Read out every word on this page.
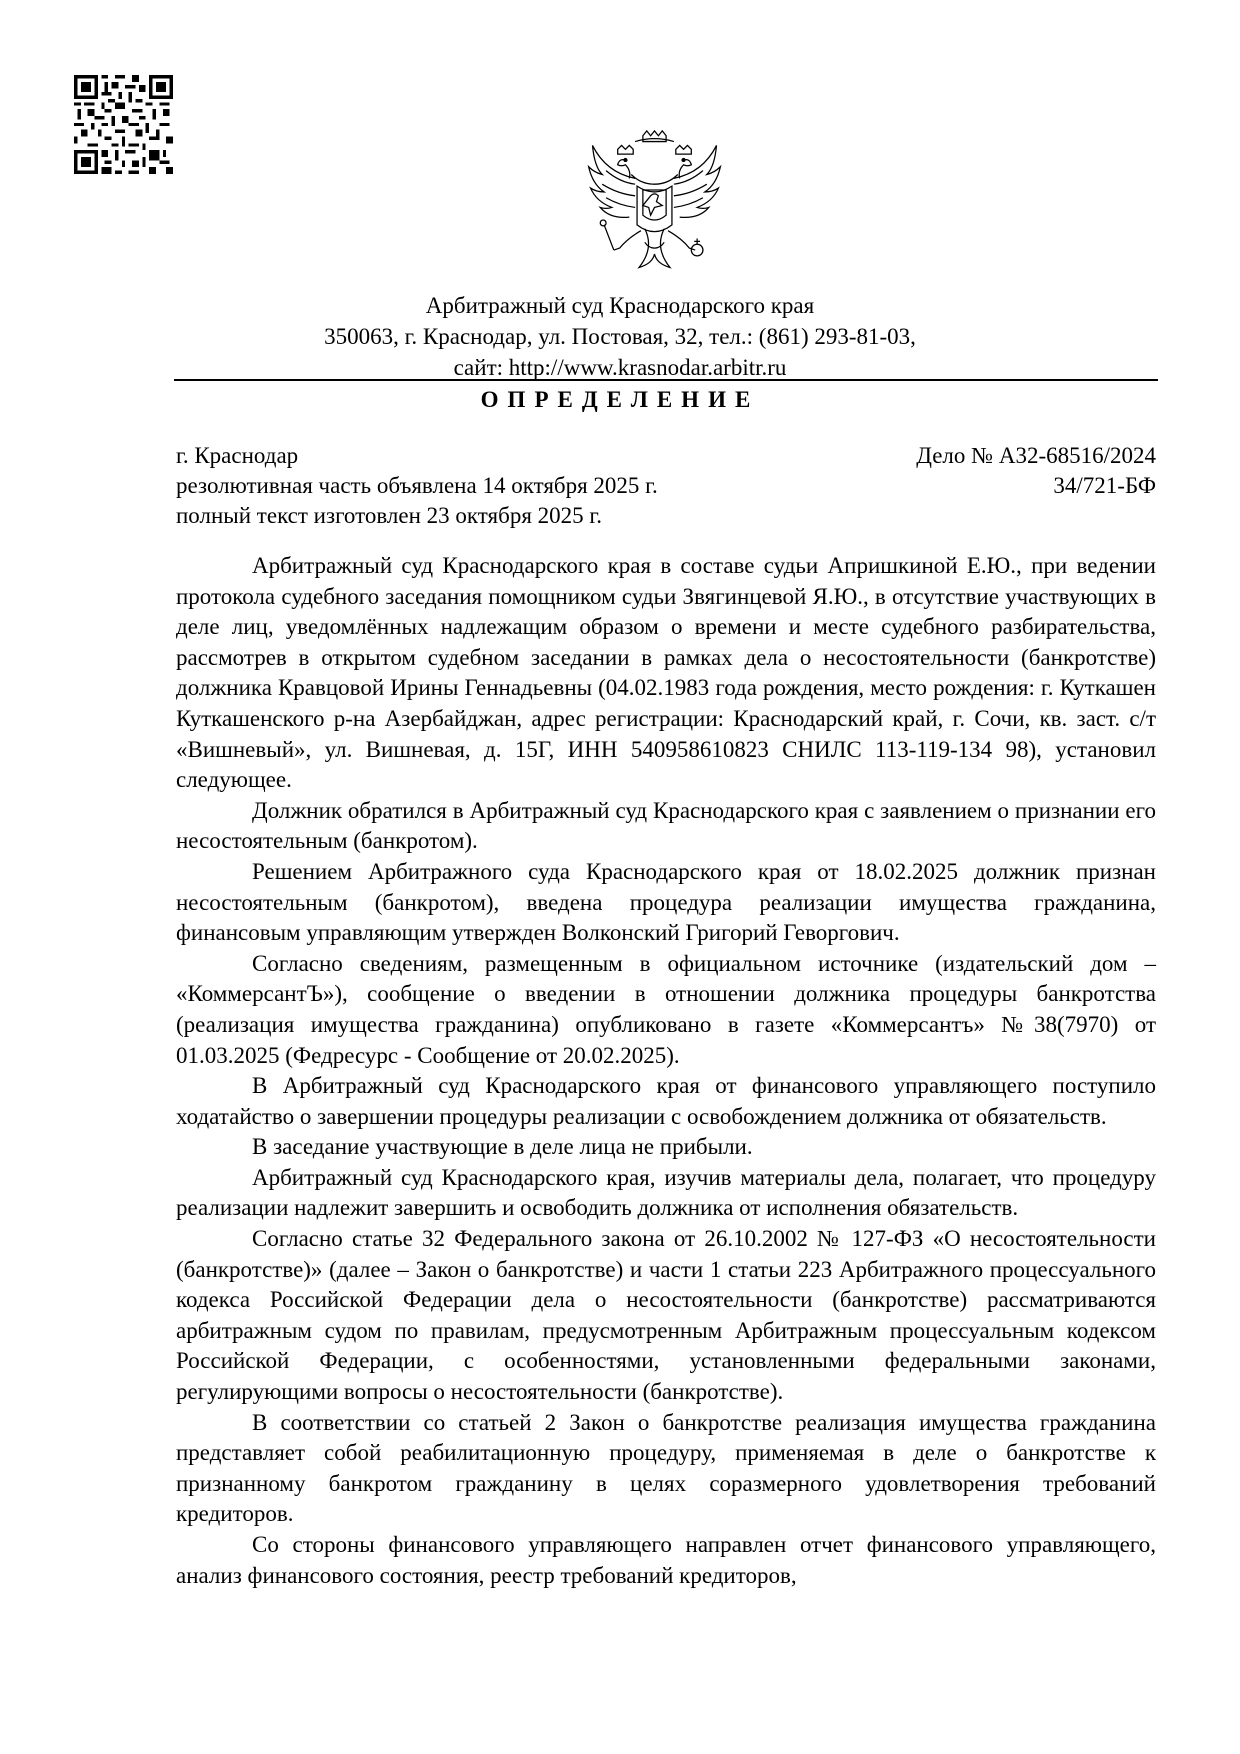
Арбитражный суд Краснодарского края
350063, г. Краснодар, ул. Постовая, 32, тел.: (861) 293-81-03,
сайт: http://www.krasnodar.arbitr.ru
ОПРЕДЕЛЕНИЕ
г. Краснодар
резолютивная часть объявлена 14 октября 2025 г.
полный текст изготовлен 23 октября 2025 г.
Дело № А32-68516/2024
34/721-БФ

Арбитражный суд Краснодарского края в составе судьи Апришкиной Е.Ю., при ведении протокола судебного заседания помощником судьи Звягинцевой Я.Ю., в отсутствие участвующих в деле лиц, уведомлённых надлежащим образом о времени и месте судебного разбирательства, рассмотрев в открытом судебном заседании в рамках дела о несостоятельности (банкротстве) должника Кравцовой Ирины Геннадьевны (04.02.1983 года рождения, место рождения: г. Куткашен Куткашенского р-на Азербайджан, адрес регистрации: Краснодарский край, г. Сочи, кв. заст. с/т «Вишневый», ул. Вишневая, д. 15Г, ИНН 540958610823 СНИЛС 113-119-134 98), установил следующее.

Должник обратился в Арбитражный суд Краснодарского края с заявлением о признании его несостоятельным (банкротом).

Решением Арбитражного суда Краснодарского края от 18.02.2025 должник признан несостоятельным (банкротом), введена процедура реализации имущества гражданина, финансовым управляющим утвержден Волконский Григорий Геворгович.

Согласно сведениям, размещенным в официальном источнике (издательский дом – «КоммерсантЪ»), сообщение о введении в отношении должника процедуры банкротства (реализация имущества гражданина) опубликовано в газете «Коммерсантъ» №38(7970) от 01.03.2025 (Федресурс - Сообщение от 20.02.2025).

В Арбитражный суд Краснодарского края от финансового управляющего поступило ходатайство о завершении процедуры реализации с освобождением должника от обязательств.

В заседание участвующие в деле лица не прибыли.

Арбитражный суд Краснодарского края, изучив материалы дела, полагает, что процедуру реализации надлежит завершить и освободить должника от исполнения обязательств.

Согласно статье 32 Федерального закона от 26.10.2002 № 127-ФЗ «О несостоятельности (банкротстве)» (далее – Закон о банкротстве) и части 1 статьи 223 Арбитражного процессуального кодекса Российской Федерации дела о несостоятельности (банкротстве) рассматриваются арбитражным судом по правилам, предусмотренным Арбитражным процессуальным кодексом Российской Федерации, с особенностями, установленными федеральными законами, регулирующими вопросы о несостоятельности (банкротстве).

В соответствии со статьей 2 Закон о банкротстве реализация имущества гражданина представляет собой реабилитационную процедуру, применяемая в деле о банкротстве к признанному банкротом гражданину в целях соразмерного удовлетворения требований кредиторов.

Со стороны финансового управляющего направлен отчет финансового управляющего, анализ финансового состояния, реестр требований кредиторов,
